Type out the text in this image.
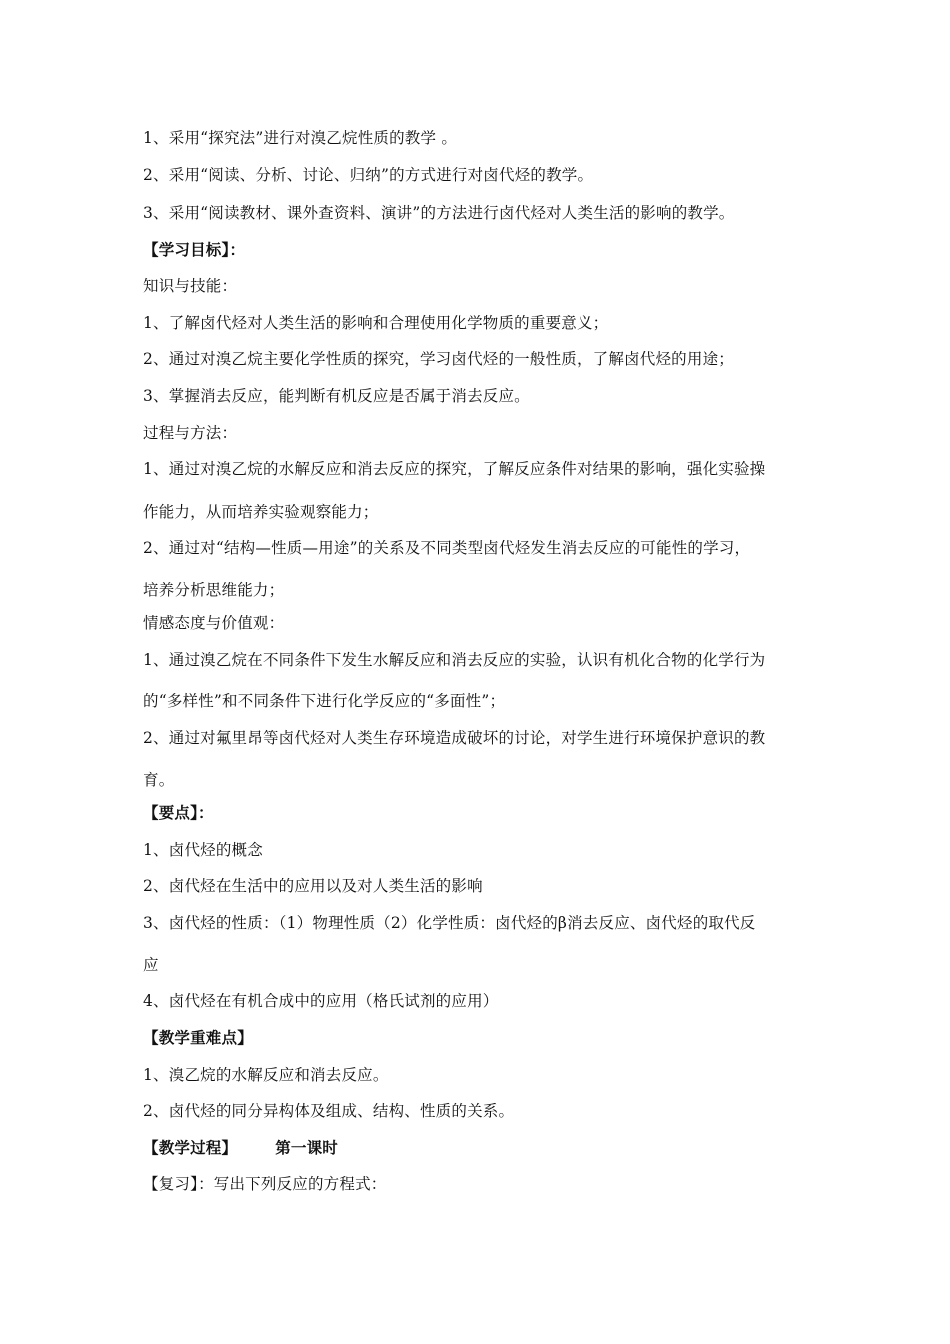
1、采用“探究法”进行对溴乙烷性质的教学 。
2、采用“阅读、分析、讨论、归纳”的方式进行对卤代烃的教学。
3、采用“阅读教材、课外查资料、演讲”的方法进行卤代烃对人类生活的影响的教学。
【学习目标】：
知识与技能：
1、了解卤代烃对人类生活的影响和合理使用化学物质的重要意义；
2、通过对溴乙烷主要化学性质的探究，学习卤代烃的一般性质，了解卤代烃的用途；
3、掌握消去反应，能判断有机反应是否属于消去反应。
过程与方法：
1、通过对溴乙烷的水解反应和消去反应的探究，了解反应条件对结果的影响，强化实验操
作能力，从而培养实验观察能力；
2、通过对“结构—性质—用途”的关系及不同类型卤代烃发生消去反应的可能性的学习，
培养分析思维能力；
情感态度与价值观：
1、通过溴乙烷在不同条件下发生水解反应和消去反应的实验，认识有机化合物的化学行为
的“多样性”和不同条件下进行化学反应的“多面性”；
2、通过对氟里昂等卤代烃对人类生存环境造成破坏的讨论，对学生进行环境保护意识的教
育。
【要点】：
1、卤代烃的概念
2、卤代烃在生活中的应用以及对人类生活的影响
3、卤代烃的性质：（1）物理性质（2）化学性质：卤代烃的β消去反应、卤代烃的取代反
应
4、卤代烃在有机合成中的应用（格氏试剂的应用）
【教学重难点】
1、溴乙烷的水解反应和消去反应。
2、卤代烃的同分异构体及组成、结构、性质的关系。
【教学过程】 第一课时
【复习】：写出下列反应的方程式：
